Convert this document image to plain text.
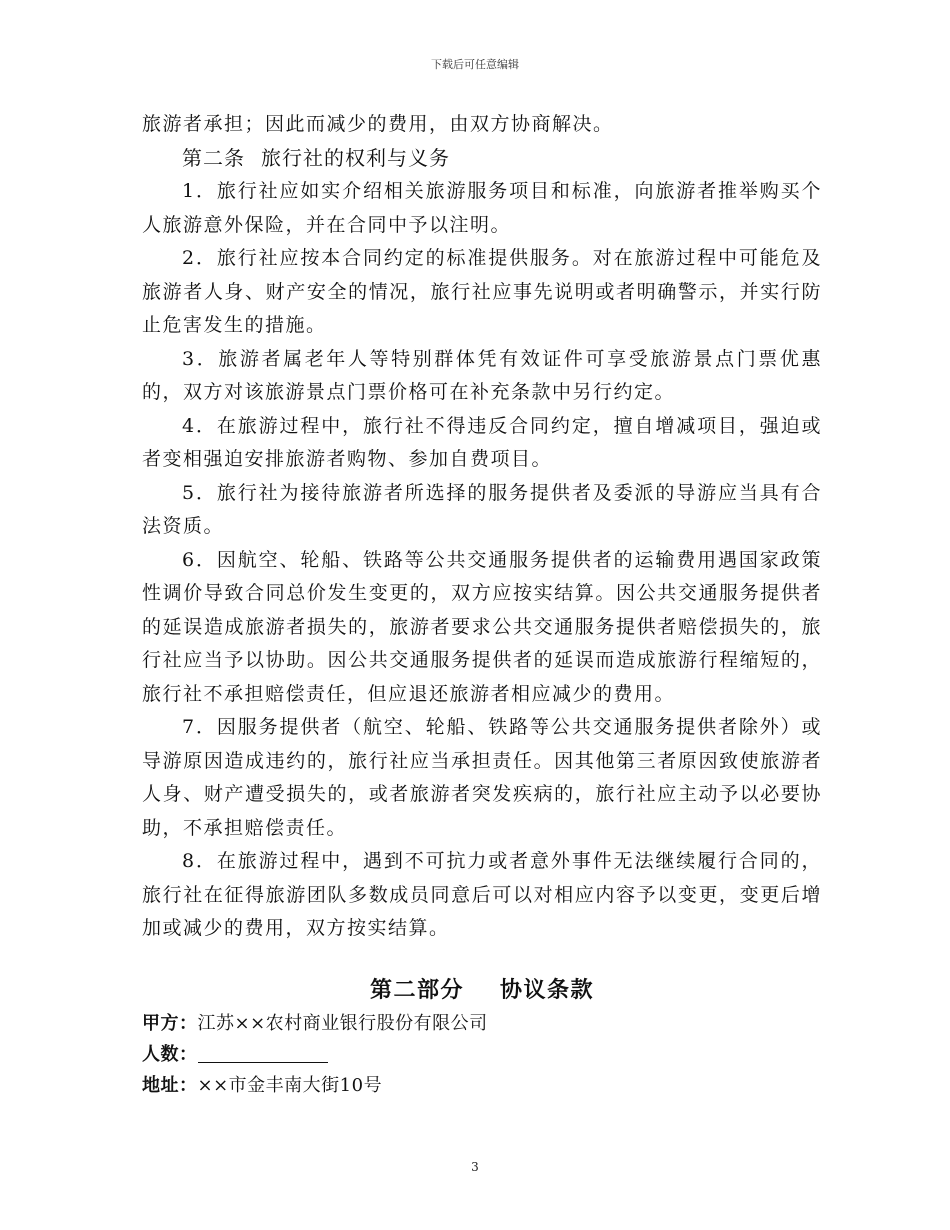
下载后可任意编辑

旅游者承担；因此而减少的费用，由双方协商解决。

第二条 旅行社的权利与义务

1．旅行社应如实介绍相关旅游服务项目和标准，向旅游者推举购买个人旅游意外保险，并在合同中予以注明。

2．旅行社应按本合同约定的标准提供服务。对在旅游过程中可能危及旅游者人身、财产安全的情况，旅行社应事先说明或者明确警示，并实行防止危害发生的措施。

3．旅游者属老年人等特别群体凭有效证件可享受旅游景点门票优惠的，双方对该旅游景点门票价格可在补充条款中另行约定。

4．在旅游过程中，旅行社不得违反合同约定，擅自增减项目，强迫或者变相强迫安排旅游者购物、参加自费项目。

5．旅行社为接待旅游者所选择的服务提供者及委派的导游应当具有合法资质。

6．因航空、轮船、铁路等公共交通服务提供者的运输费用遇国家政策性调价导致合同总价发生变更的，双方应按实结算。因公共交通服务提供者的延误造成旅游者损失的，旅游者要求公共交通服务提供者赔偿损失的，旅行社应当予以协助。因公共交通服务提供者的延误而造成旅游行程缩短的，旅行社不承担赔偿责任，但应退还旅游者相应减少的费用。

7．因服务提供者（航空、轮船、铁路等公共交通服务提供者除外）或导游原因造成违约的，旅行社应当承担责任。因其他第三者原因致使旅游者人身、财产遭受损失的，或者旅游者突发疾病的，旅行社应主动予以必要协助，不承担赔偿责任。

8．在旅游过程中，遇到不可抗力或者意外事件无法继续履行合同的，旅行社在征得旅游团队多数成员同意后可以对相应内容予以变更，变更后增加或减少的费用，双方按实结算。

第二部分 协议条款
甲方：江苏××农村商业银行股份有限公司
人数：
地址：××市金丰南大街10号
3
